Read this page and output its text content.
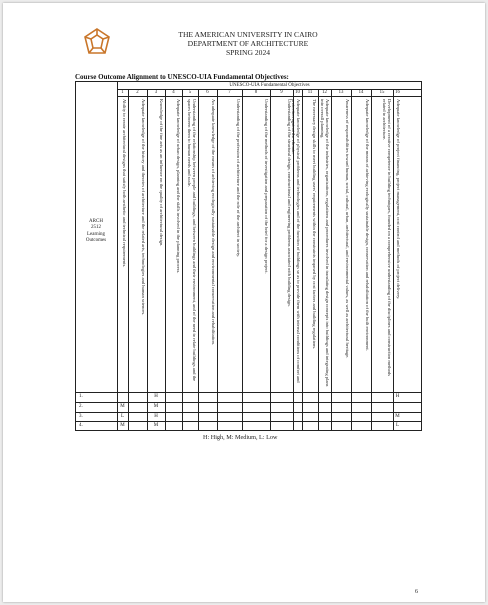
THE AMERICAN UNIVERSITY IN CAIRO
DEPARTMENT OF ARCHITECTURE
SPRING 2024
Course Outcome Alignment to UNESCO-UIA Fundamental Objectives:
UNESCO-UIA Fundamental Objectives
ARCH
2512
Learning
Outcomes
1
Ability to create architectural designs that satisfy both aesthetic and technical requirements.
M
L
M
2
Adequate knowledge of the history and theories of architecture and the related arts, technologies and human sciences.
3
Knowledge of the fine arts as an influence on the quality of architectural design.
H
M
H
M
4
Adequate knowledge of urban design, planning and the skills involved in the planning process.
5
Understanding of the relationship between people and buildings, and between buildings and their environment, and of the need to relate buildings and the spaces between them to human needs and scale.
6
An adequate knowledge of the means of achieving ecologically sustainable design and environmental conservation and rehabilitation.
7
Understanding of the profession of architecture and the role of the architect in society.
8
Understanding of the methods of investigation and preparation of the brief for a design project.
9
Understanding of the structural design, constructional and engineering problems associated with building design.
10
Adequate knowledge of physical problems and technologies and of the function of buildings so as to provide them with internal conditions of comfort and protection against the climate.
11
The necessary design skills to meet building users' requirements within the constraints imposed by cost factors and building regulations.
12
Adequate knowledge of the industries, organizations, regulations and procedures involved in translating design concepts into buildings and integrating plans into overall planning.
13
Awareness of responsibilities toward human, social, cultural, urban, architectural, and environmental values, as well as architectural heritage.
14
Adequate knowledge of the means of achieving ecologically sustainable design, conservation and rehabilitation of the built environment.
15
Development of a creative competence in building techniques, founded on a comprehensive understanding of the disciplines and construction methods related to architecture.
16
Adequate knowledge of project financing, project management, cost control and methods of project delivery.
H
M
L
1.
2.
3.
4.
H: High, M: Medium, L: Low
6
